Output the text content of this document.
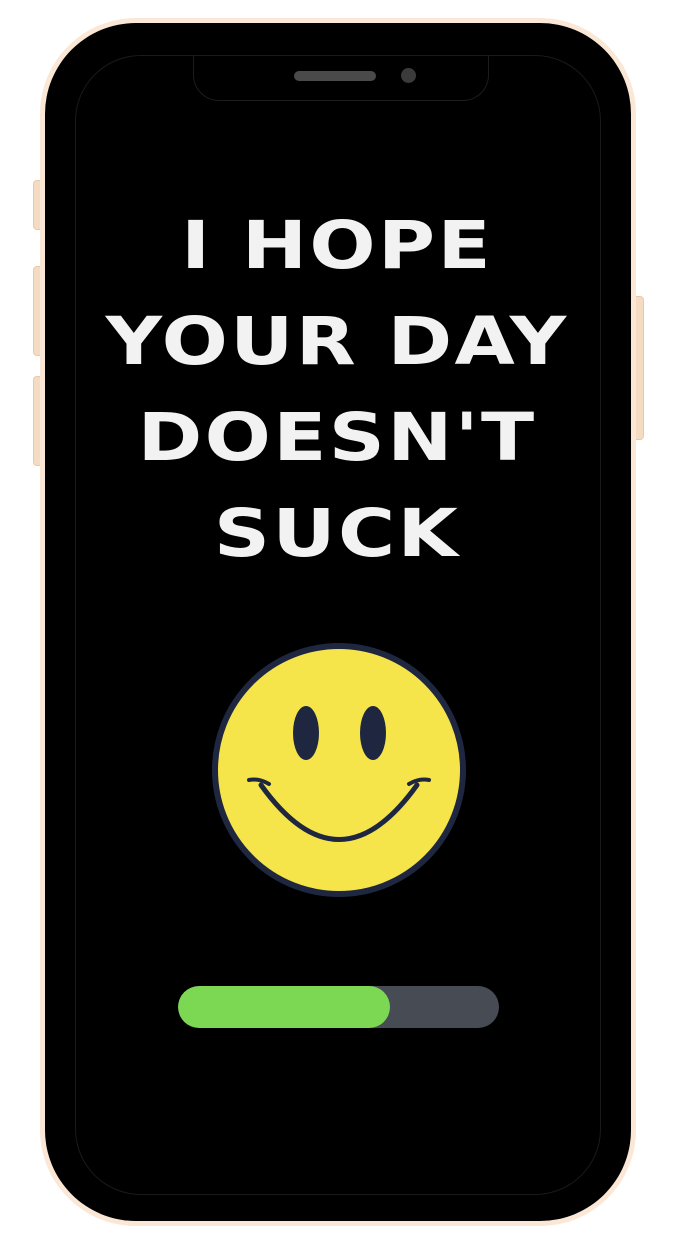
I HOPE
YOUR DAY
DOESN'T
SUCK
